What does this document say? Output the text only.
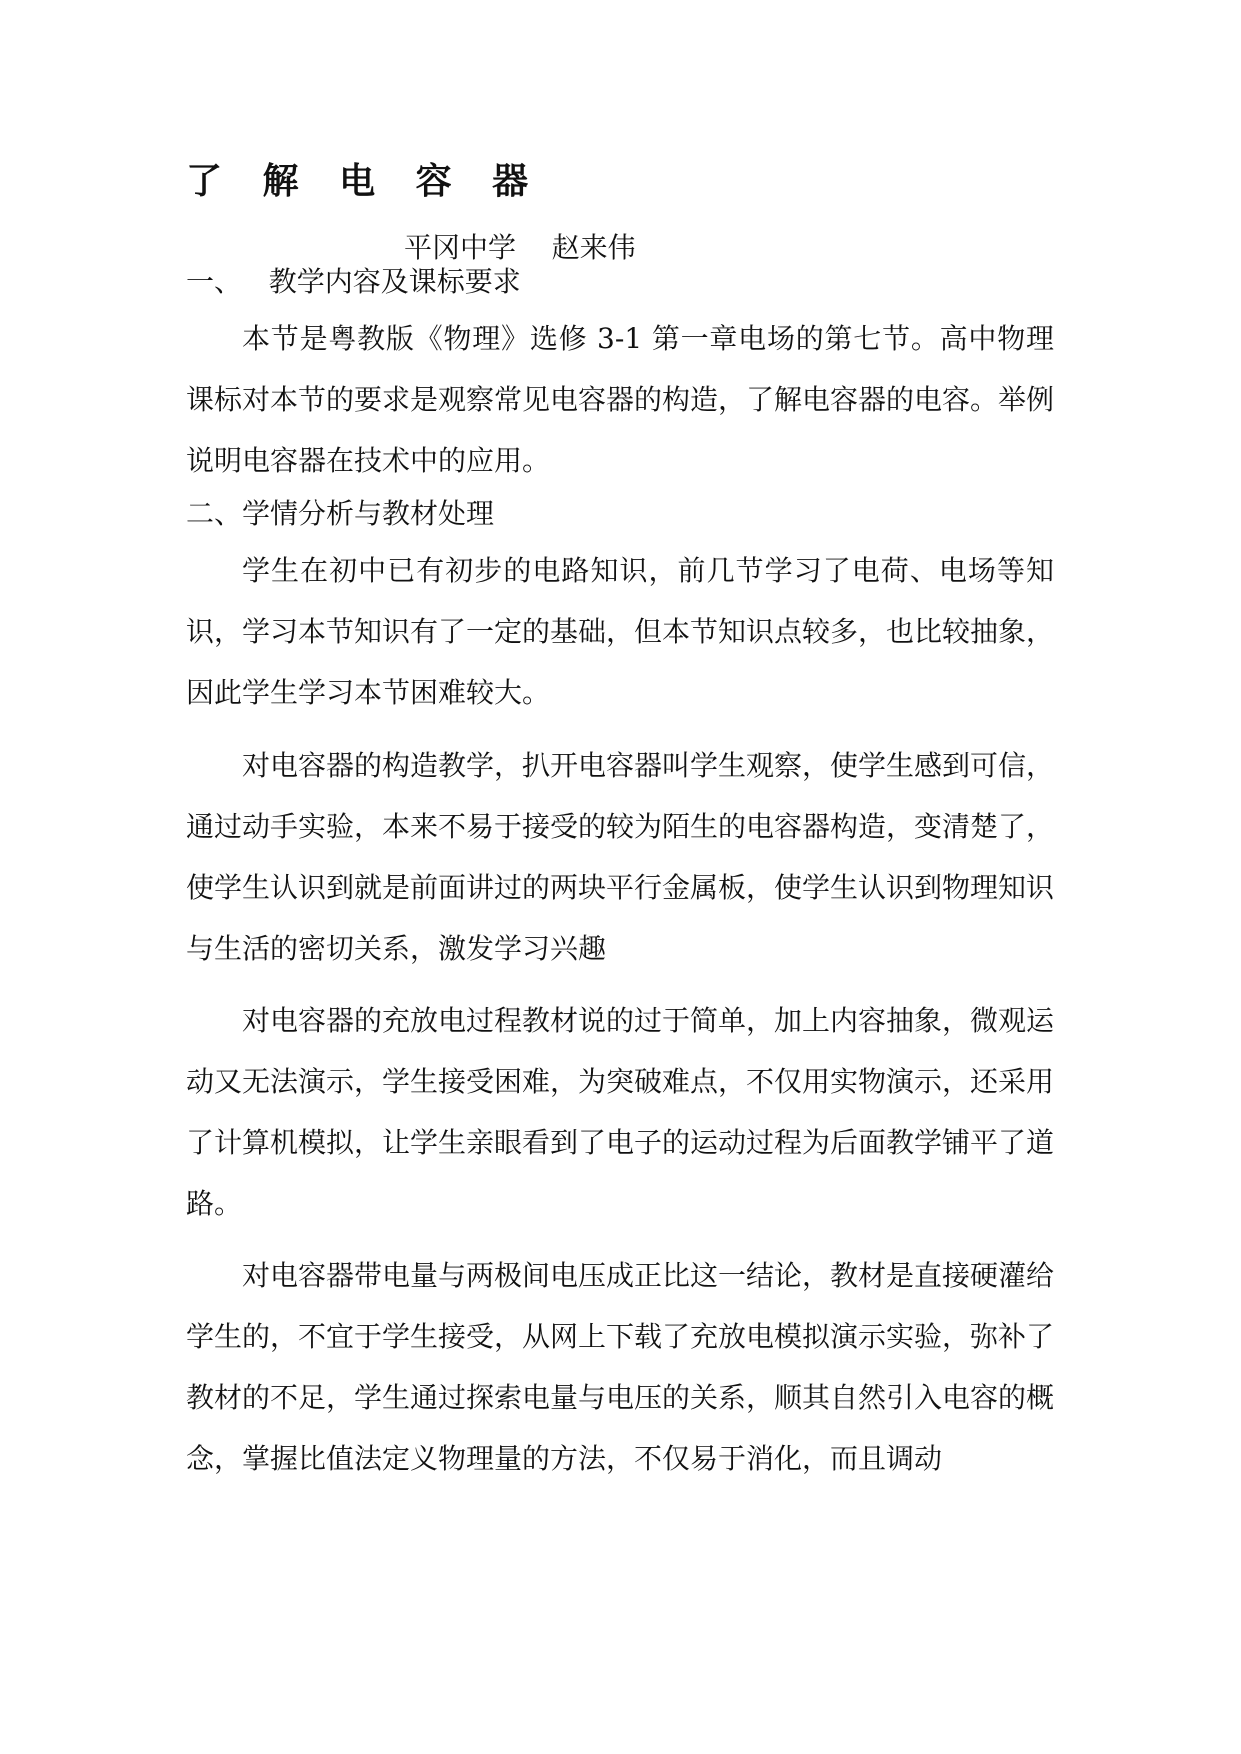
了 解 电 容 器
平冈中学    赵来伟
一、   教学内容及课标要求
本节是粤教版《物理》选修 3-1 第一章电场的第七节。高中物理课标对本节的要求是观察常见电容器的构造，了解电容器的电容。举例说明电容器在技术中的应用。
二、学情分析与教材处理
学生在初中已有初步的电路知识，前几节学习了电荷、电场等知识，学习本节知识有了一定的基础，但本节知识点较多，也比较抽象，因此学生学习本节困难较大。
对电容器的构造教学，扒开电容器叫学生观察，使学生感到可信，通过动手实验，本来不易于接受的较为陌生的电容器构造，变清楚了，使学生认识到就是前面讲过的两块平行金属板，使学生认识到物理知识与生活的密切关系，激发学习兴趣
对电容器的充放电过程教材说的过于简单，加上内容抽象，微观运动又无法演示，学生接受困难，为突破难点，不仅用实物演示，还采用了计算机模拟，让学生亲眼看到了电子的运动过程为后面教学铺平了道路。
对电容器带电量与两极间电压成正比这一结论，教材是直接硬灌给学生的，不宜于学生接受，从网上下载了充放电模拟演示实验，弥补了教材的不足，学生通过探索电量与电压的关系，顺其自然引入电容的概念，掌握比值法定义物理量的方法，不仅易于消化，而且调动
